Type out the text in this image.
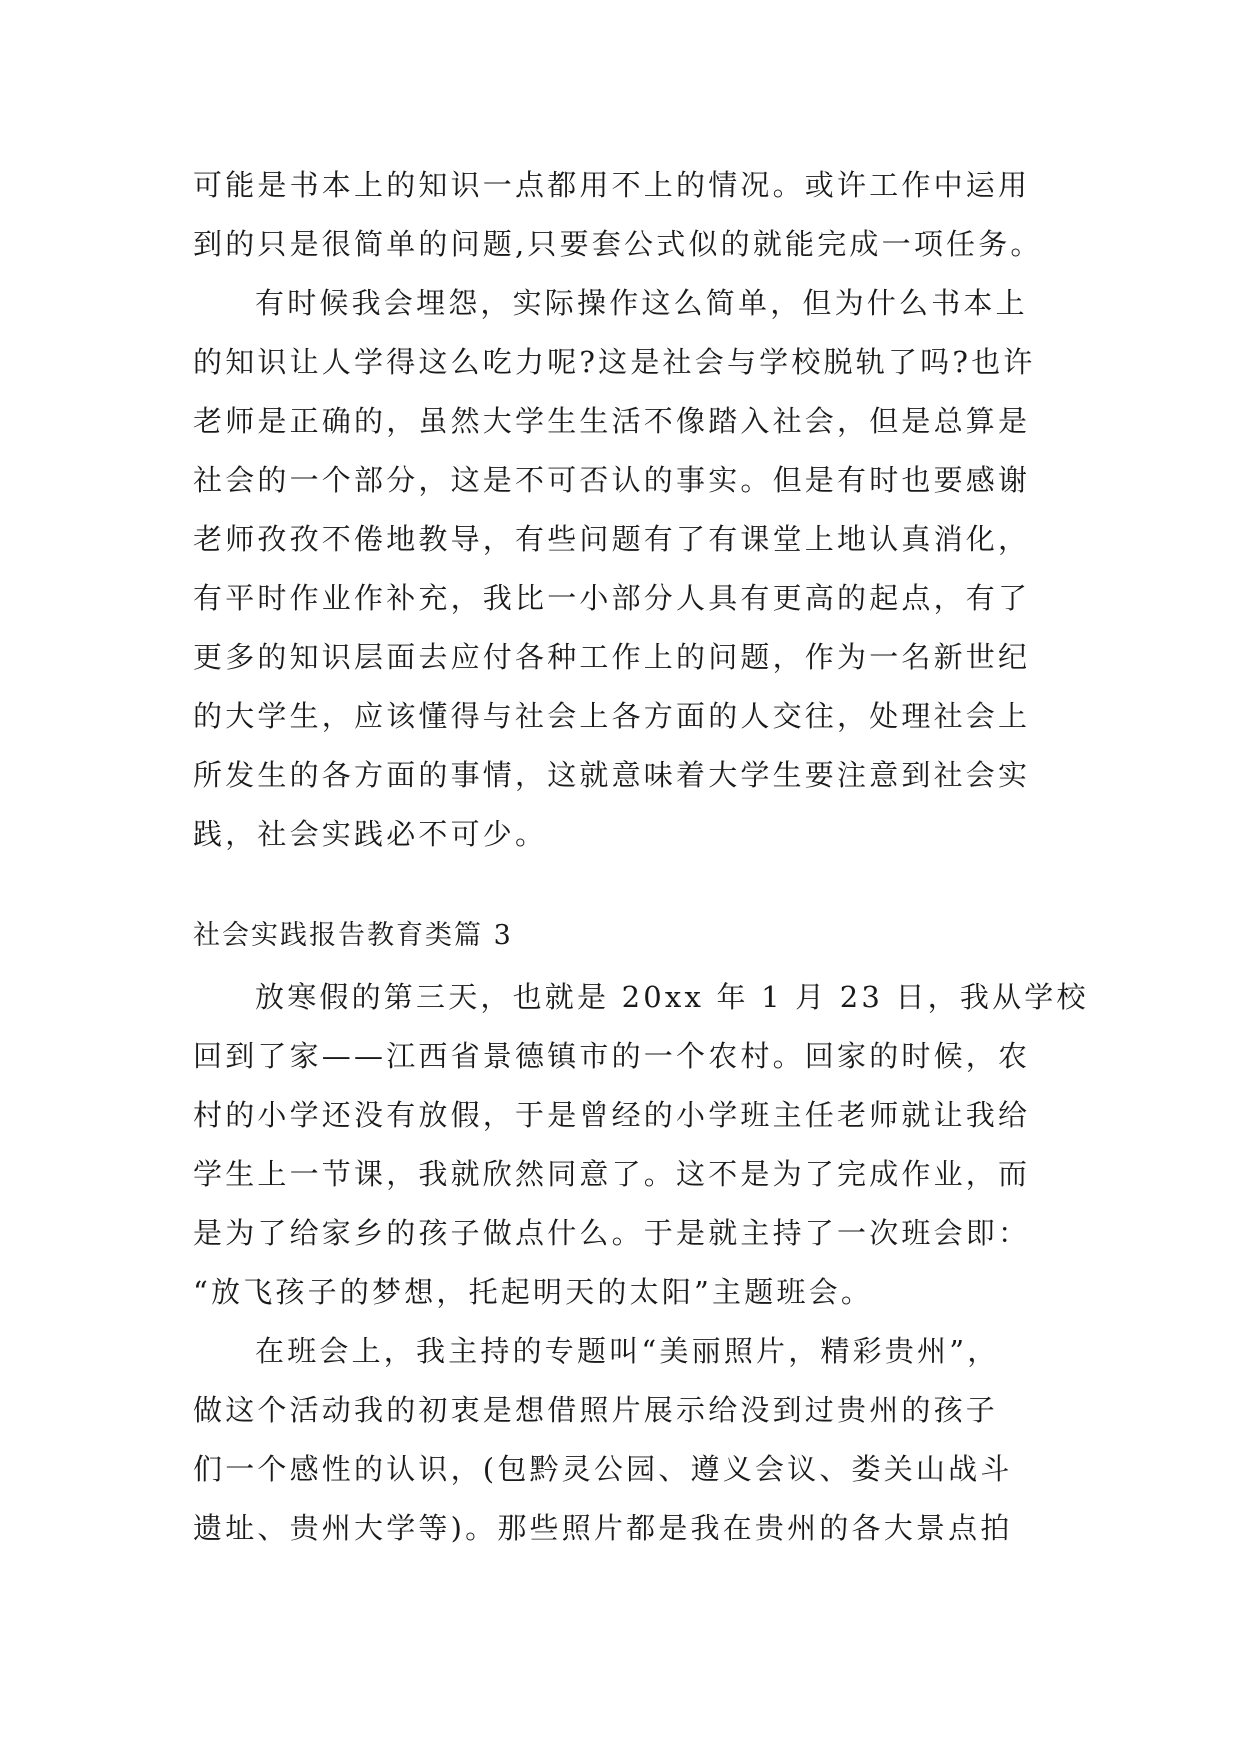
可能是书本上的知识一点都用不上的情况。或许工作中运用
到的只是很简单的问题,只要套公式似的就能完成一项任务。
有时候我会埋怨，实际操作这么简单，但为什么书本上
的知识让人学得这么吃力呢?这是社会与学校脱轨了吗?也许
老师是正确的，虽然大学生生活不像踏入社会，但是总算是
社会的一个部分，这是不可否认的事实。但是有时也要感谢
老师孜孜不倦地教导，有些问题有了有课堂上地认真消化，
有平时作业作补充，我比一小部分人具有更高的起点，有了
更多的知识层面去应付各种工作上的问题，作为一名新世纪
的大学生，应该懂得与社会上各方面的人交往，处理社会上
所发生的各方面的事情，这就意味着大学生要注意到社会实
践，社会实践必不可少。
社会实践报告教育类篇 3
放寒假的第三天，也就是 20xx 年 1 月 23 日，我从学校
回到了家——江西省景德镇市的一个农村。回家的时候，农
村的小学还没有放假，于是曾经的小学班主任老师就让我给
学生上一节课，我就欣然同意了。这不是为了完成作业，而
是为了给家乡的孩子做点什么。于是就主持了一次班会即：
“放飞孩子的梦想，托起明天的太阳”主题班会。
在班会上，我主持的专题叫“美丽照片，精彩贵州”，
做这个活动我的初衷是想借照片展示给没到过贵州的孩子
们一个感性的认识，(包黔灵公园、遵义会议、娄关山战斗
遗址、贵州大学等)。那些照片都是我在贵州的各大景点拍
